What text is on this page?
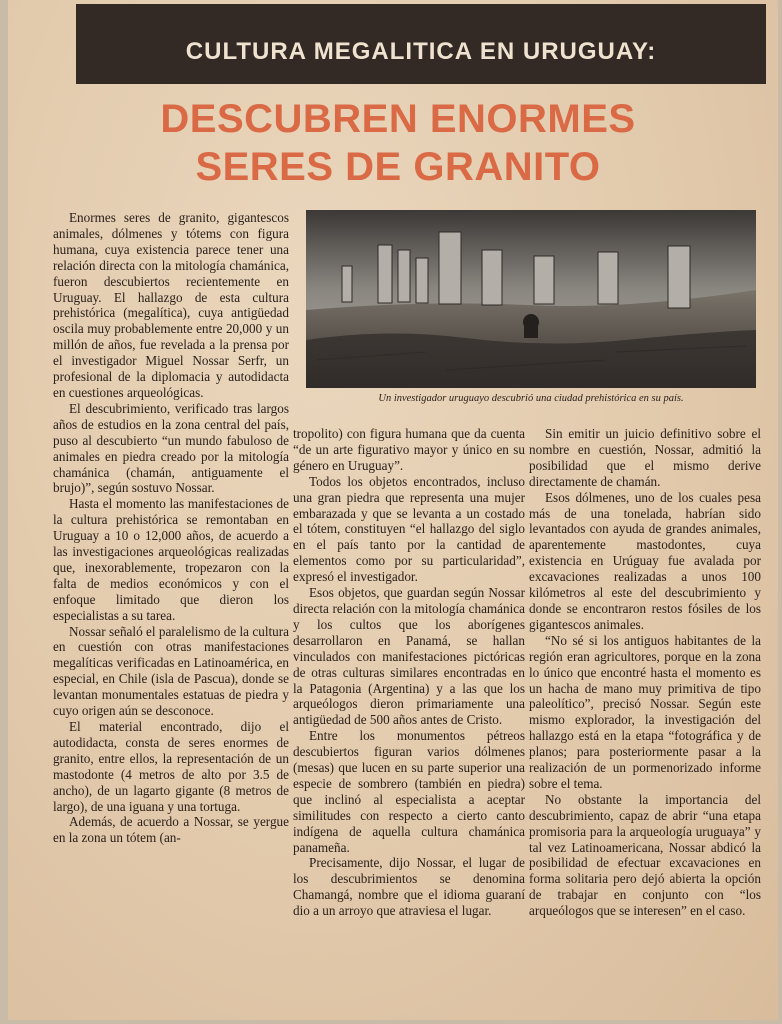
CULTURA MEGALITICA EN URUGUAY:
DESCUBREN ENORMES
SERES DE GRANITO
Un investigador uruguayo descubrió una ciudad prehistórica en su país.

Enormes seres de granito, gigantescos animales, dólmenes y tótems con figura humana, cuya existencia parece tener una relación directa con la mitología chamánica, fueron descubiertos recientemente en Uruguay. El hallazgo de esta cultura prehistórica (megalítica), cuya antigüedad oscila muy probablemente entre 20,000 y un millón de años, fue revelada a la prensa por el investigador Miguel Nossar Serfr, un profesional de la diplomacia y autodidacta en cuestiones arqueológicas.

El descubrimiento, verificado tras largos años de estudios en la zona central del país, puso al descubierto “un mundo fabuloso de animales en piedra creado por la mitología chamánica (chamán, antiguamente el brujo)”, según sostuvo Nossar.

Hasta el momento las manifestaciones de la cultura prehistórica se remontaban en Uruguay a 10 o 12,000 años, de acuerdo a las investigaciones arqueológicas realizadas que, inexorablemente, tropezaron con la falta de medios económicos y con el enfoque limitado que dieron los especialistas a su tarea.

Nossar señaló el paralelismo de la cultura en cuestión con otras manifestaciones megalíticas verificadas en Latinoamérica, en especial, en Chile (isla de Pascua), donde se levantan monumentales estatuas de piedra y cuyo origen aún se desconoce.

El material encontrado, dijo el autodidacta, consta de seres enormes de granito, entre ellos, la representación de un mastodonte (4 metros de alto por 3.5 de ancho), de un lagarto gigante (8 metros de largo), de una iguana y una tortuga.

Además, de acuerdo a Nossar, se yergue en la zona un tótem (an-

tropolito) con figura humana que da cuenta “de un arte figurativo mayor y único en su género en Uruguay”.

Todos los objetos encontrados, incluso una gran piedra que representa una mujer embarazada y que se levanta a un costado el tótem, constituyen “el hallazgo del siglo en el país tanto por la cantidad de elementos como por su particularidad”, expresó el investigador.

Esos objetos, que guardan según Nossar directa relación con la mitología chamánica y los cultos que los aborígenes desarrollaron en Panamá, se hallan vinculados con manifestaciones pictóricas de otras culturas similares encontradas en la Patagonia (Argentina) y a las que los arqueólogos dieron primariamente una antigüedad de 500 años antes de Cristo.

Entre los monumentos pétreos descubiertos figuran varios dólmenes (mesas) que lucen en su parte superior una especie de sombrero (también en piedra) que inclinó al especialista a aceptar similitudes con respecto a cierto canto indígena de aquella cultura chamánica panameña.

Precisamente, dijo Nossar, el lugar de los descubrimientos se denomina Chamangá, nombre que el idioma guaraní dio a un arroyo que atraviesa el lugar.

Sin emitir un juicio definitivo sobre el nombre en cuestión, Nossar, admitió la posibilidad que el mismo derive directamente de chamán.

Esos dólmenes, uno de los cuales pesa más de una tonelada, habrían sido levantados con ayuda de grandes animales, aparentemente mastodontes, cuya existencia en Urúguay fue avalada por excavaciones realizadas a unos 100 kilómetros al este del descubrimiento y donde se encontraron restos fósiles de los gigantescos animales.

“No sé si los antiguos habitantes de la región eran agricultores, porque en la zona lo único que encontré hasta el momento es un hacha de mano muy primitiva de tipo paleolítico”, precisó Nossar. Según este mismo explorador, la investigación del hallazgo está en la etapa “fotográfica y de planos; para posteriormente pasar a la realización de un pormenorizado informe sobre el tema.

No obstante la importancia del descubrimiento, capaz de abrir “una etapa promisoria para la arqueología uruguaya” y tal vez Latinoamericana, Nossar abdicó la posibilidad de efectuar excavaciones en forma solitaria pero dejó abierta la opción de trabajar en conjunto con “los arqueólogos que se interesen” en el caso.
